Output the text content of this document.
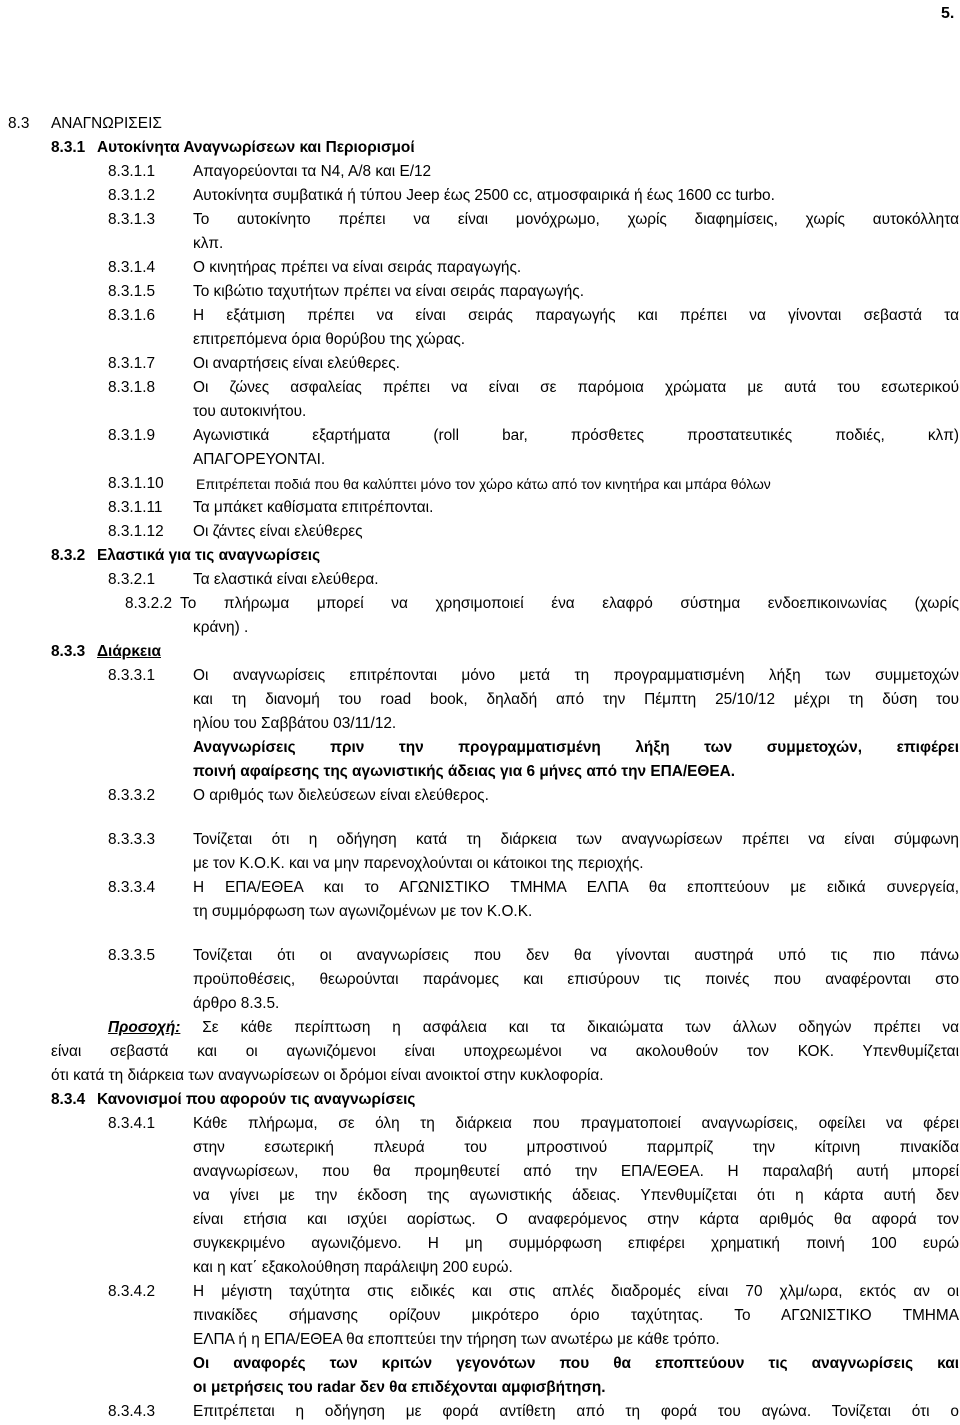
5.
8.3 ΑΝΑΓΝΩΡΙΣΕΙΣ
8.3.1 Αυτοκίνητα Αναγνωρίσεων και Περιορισμοί
8.3.1.1 Απαγορεύονται τα Ν4, Α/8 και Ε/12
8.3.1.2 Αυτοκίνητα συμβατικά ή τύπου Jeep έως 2500 cc, ατμοσφαιρικά ή έως 1600 cc turbo.
8.3.1.3 Το αυτοκίνητο πρέπει να είναι μονόχρωμο, χωρίς διαφημίσεις, χωρίς αυτοκόλλητα
κλπ.
8.3.1.4 Ο κινητήρας πρέπει να είναι σειράς παραγωγής.
8.3.1.5 Το κιβώτιο ταχυτήτων πρέπει να είναι σειράς παραγωγής.
8.3.1.6 Η εξάτμιση πρέπει να είναι σειράς παραγωγής και πρέπει να γίνονται σεβαστά τα
επιτρεπόμενα όρια θορύβου της χώρας.
8.3.1.7 Οι αναρτήσεις είναι ελεύθερες.
8.3.1.8 Οι ζώνες ασφαλείας πρέπει να είναι σε παρόμοια χρώματα με αυτά του εσωτερικού
του αυτοκινήτου.
8.3.1.9 Αγωνιστικά εξαρτήματα (roll bar, πρόσθετες προστατευτικές ποδιές, κλπ)
ΑΠΑΓΟΡΕΥΟΝΤΑΙ.
8.3.1.10 Επιτρέπεται ποδιά που θα καλύπτει μόνο τον χώρο κάτω από τον κινητήρα και μπάρα θόλων
8.3.1.11 Τα μπάκετ καθίσματα επιτρέπονται.
8.3.1.12 Οι ζάντες είναι ελεύθερες
8.3.2 Ελαστικά για τις αναγνωρίσεις
8.3.2.1 Τα ελαστικά είναι ελεύθερα.
8.3.2.2 Το πλήρωμα μπορεί να χρησιμοποιεί ένα ελαφρό σύστημα ενδοεπικοινωνίας (χωρίς
κράνη) .
8.3.3 Διάρκεια
8.3.3.1 Οι αναγνωρίσεις επιτρέπονται μόνο μετά τη προγραμματισμένη λήξη των συμμετοχών
και τη διανομή του road book, δηλαδή από την Πέμπτη 25/10/12 μέχρι τη δύση του
ηλίου του Σαββάτου 03/11/12.
Αναγνωρίσεις πριν την προγραμματισμένη λήξη των συμμετοχών, επιφέρει
ποινή αφαίρεσης της αγωνιστικής άδειας για 6 μήνες από την ΕΠΑ/ΕΘΕΑ.
8.3.3.2 Ο αριθμός των διελεύσεων είναι ελεύθερος.
8.3.3.3 Τονίζεται ότι η οδήγηση κατά τη διάρκεια των αναγνωρίσεων πρέπει να είναι σύμφωνη
με τον Κ.Ο.Κ. και να μην παρενοχλούνται οι κάτοικοι της περιοχής.
8.3.3.4 Η ΕΠΑ/ΕΘΕΑ και το ΑΓΩΝΙΣΤΙΚΟ ΤΜΗΜΑ ΕΛΠΑ θα εποπτεύουν με ειδικά συνεργεία,
τη συμμόρφωση των αγωνιζομένων με τον Κ.Ο.Κ.
8.3.3.5 Τονίζεται ότι οι αναγνωρίσεις που δεν θα γίνονται αυστηρά υπό τις πιο πάνω
προϋποθέσεις, θεωρούνται παράνομες και επισύρουν τις ποινές που αναφέρονται στο
άρθρο 8.3.5.
είναι σεβαστά και οι αγωνιζόμενοι είναι υποχρεωμένοι να ακολουθούν τον ΚΟΚ. Υπενθυμίζεται
ότι κατά τη διάρκεια των αναγνωρίσεων οι δρόμοι είναι ανοικτοί στην κυκλοφορία.
8.3.4 Κανονισμοί που αφορούν τις αναγνωρίσεις
8.3.4.1 Κάθε πλήρωμα, σε όλη τη διάρκεια που πραγματοποιεί αναγνωρίσεις, οφείλει να φέρει
στην εσωτερική πλευρά του μπροστινού παρμπρίζ την κίτρινη πινακίδα
αναγνωρίσεων, που θα προμηθευτεί από την ΕΠΑ/ΕΘΕΑ. Η παραλαβή αυτή μπορεί
να γίνει με την έκδοση της αγωνιστικής άδειας. Υπενθυμίζεται ότι η κάρτα αυτή δεν
είναι ετήσια και ισχύει αορίστως. Ο αναφερόμενος στην κάρτα αριθμός θα αφορά τον
συγκεκριμένο αγωνιζόμενο. Η μη συμμόρφωση επιφέρει χρηματική ποινή 100 ευρώ
και η κατ΄ εξακολούθηση παράλειψη 200 ευρώ.
8.3.4.2 Η μέγιστη ταχύτητα στις ειδικές και στις απλές διαδρομές είναι 70 χλμ/ωρα, εκτός αν οι
πινακίδες σήμανσης ορίζουν μικρότερο όριο ταχύτητας. Το ΑΓΩΝΙΣΤΙΚΟ ΤΜΗΜΑ
ΕΛΠΑ ή η ΕΠΑ/ΕΘΕΑ θα εποπτεύει την τήρηση των ανωτέρω με κάθε τρόπο.
Οι αναφορές των κριτών γεγονότων που θα εποπτεύουν τις αναγνωρίσεις και
οι μετρήσεις του radar δεν θα επιδέχονται αμφισβήτηση.
8.3.4.3 Επιτρέπεται η οδήγηση με φορά αντίθετη από τη φορά του αγώνα. Τονίζεται ότι ο
Προσοχή: Σε κάθε περίπτωση η ασφάλεια και τα δικαιώματα των άλλων οδηγών πρέπει να
